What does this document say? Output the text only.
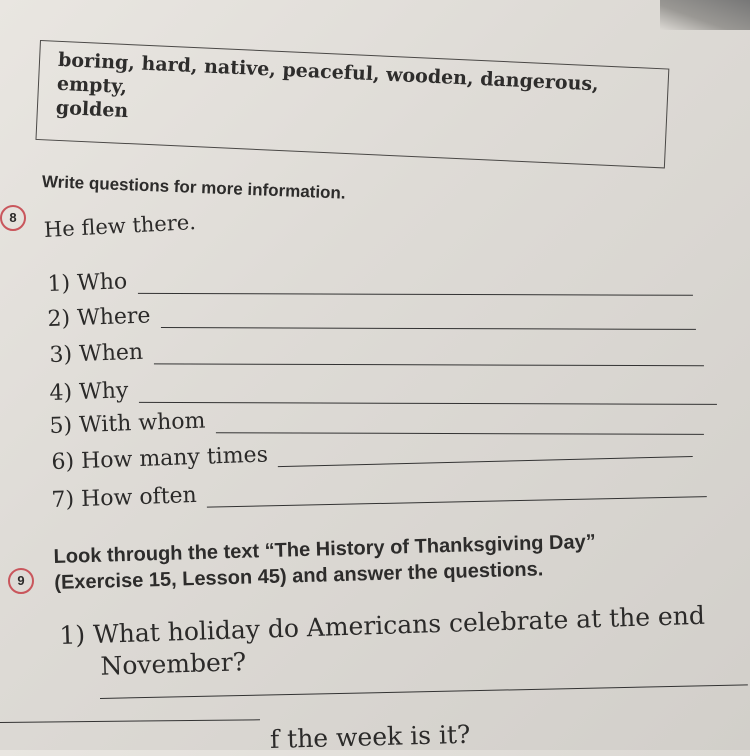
boring, hard, native, peaceful, wooden, dangerous, empty,
golden
8
Write questions for more information.
He flew there.
1) Who
2) Where
3) When
4) Why
5) With whom
6) How many times
7) How often
9
Look through the text “The History of Thanksgiving Day”
(Exercise 15, Lesson 45) and answer the questions.
1) What holiday do Americans celebrate at the end
November?
f the week is it?
